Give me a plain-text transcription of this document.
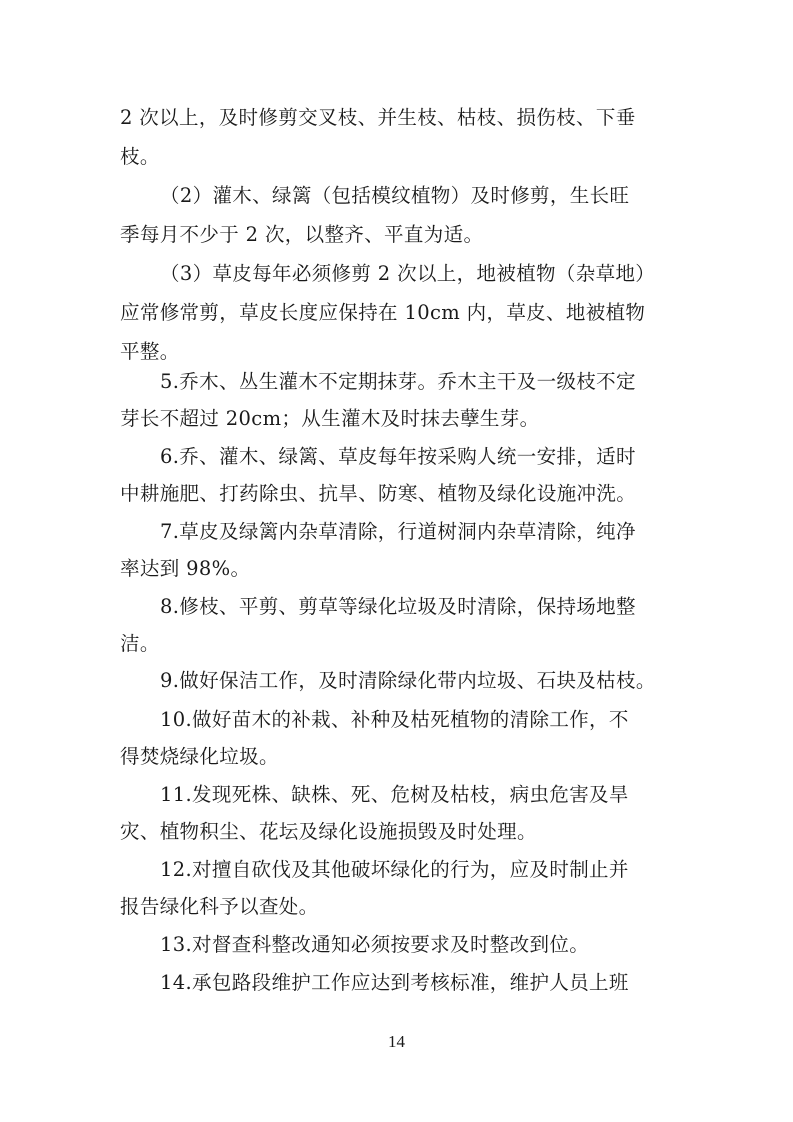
2 次以上，及时修剪交叉枝、并生枝、枯枝、损伤枝、下垂
枝。
（2）灌木、绿篱（包括模纹植物）及时修剪，生长旺
季每月不少于 2 次，以整齐、平直为适。
（3）草皮每年必须修剪 2 次以上，地被植物（杂草地）
应常修常剪，草皮长度应保持在 10cm 内，草皮、地被植物
平整。
5.乔木、丛生灌木不定期抹芽。乔木主干及一级枝不定
芽长不超过 20cm；从生灌木及时抹去孽生芽。
6.乔、灌木、绿篱、草皮每年按采购人统一安排，适时
中耕施肥、打药除虫、抗旱、防寒、植物及绿化设施冲洗。
7.草皮及绿篱内杂草清除，行道树洞内杂草清除，纯净
率达到 98%。
8.修枝、平剪、剪草等绿化垃圾及时清除，保持场地整
洁。
9.做好保洁工作，及时清除绿化带内垃圾、石块及枯枝。
10.做好苗木的补栽、补种及枯死植物的清除工作，不
得焚烧绿化垃圾。
11.发现死株、缺株、死、危树及枯枝，病虫危害及旱
灾、植物积尘、花坛及绿化设施损毁及时处理。
12.对擅自砍伐及其他破坏绿化的行为，应及时制止并
报告绿化科予以查处。
13.对督查科整改通知必须按要求及时整改到位。
14.承包路段维护工作应达到考核标准，维护人员上班
14
